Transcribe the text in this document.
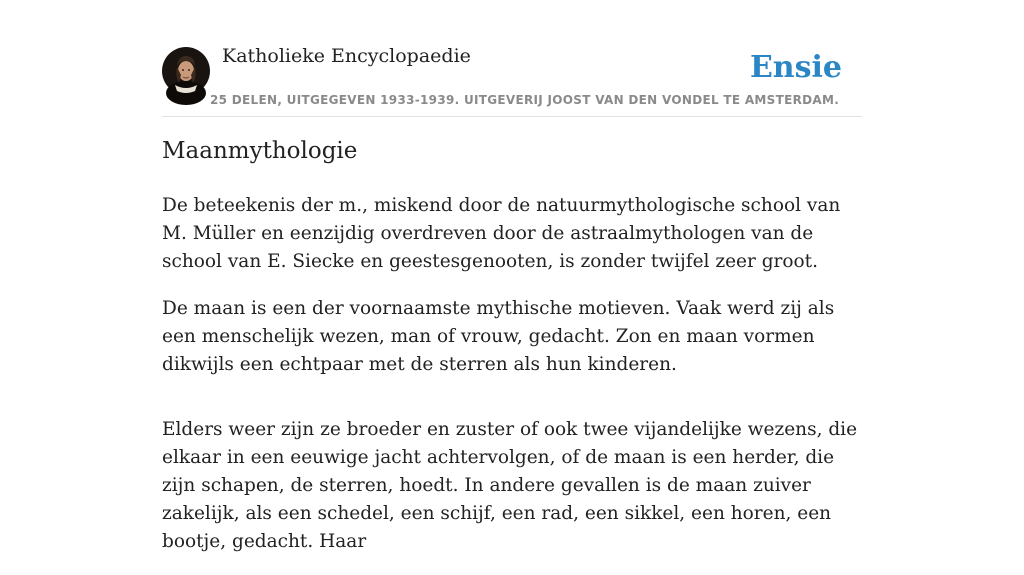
Katholieke Encyclopaedie
25 DELEN, UITGEGEVEN 1933-1939. UITGEVERIJ JOOST VAN DEN VONDEL TE AMSTERDAM.
Ensie
Maanmythologie

De beteekenis der m., miskend door de natuurmythologische school van M. Müller en eenzijdig overdreven door de astraalmythologen van de school van E. Siecke en geestesgenooten, is zonder twijfel zeer groot.

De maan is een der voornaamste mythische motieven. Vaak werd zij als een menschelijk wezen, man of vrouw, gedacht. Zon en maan vormen dikwijls een echtpaar met de sterren als hun kinderen.

Elders weer zijn ze broeder en zuster of ook twee vijandelijke wezens, die elkaar in een eeuwige jacht achtervolgen, of de maan is een herder, die zijn schapen, de sterren, hoedt. In andere gevallen is de maan zuiver zakelijk, als een schedel, een schijf, een rad, een sikkel, een horen, een bootje, gedacht. Haar
